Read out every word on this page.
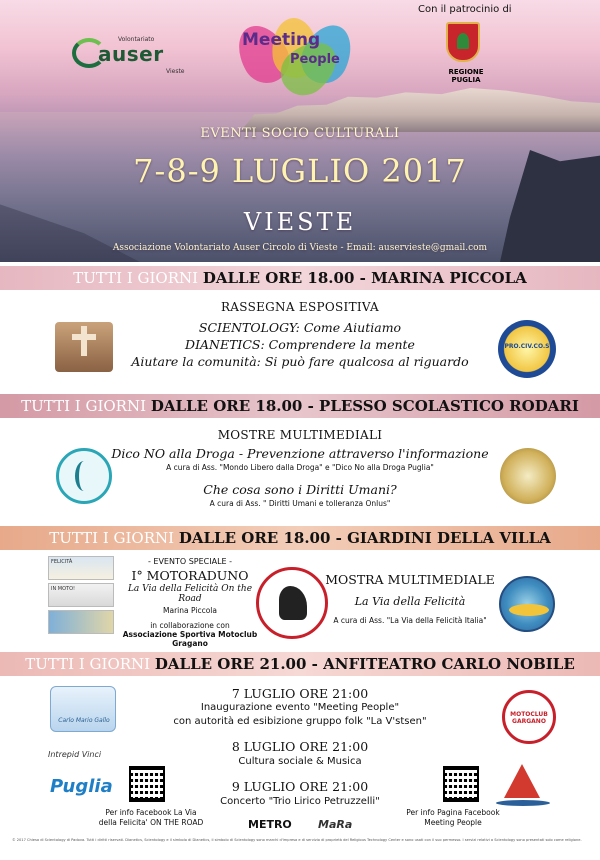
Volontariato
auser
Vieste
Meeting
People
Con il patrocinio di
REGIONE PUGLIA
EVENTI SOCIO CULTURALI
7-8-9 LUGLIO 2017
VIESTE
Associazione Volontariato Auser Circolo di Vieste - Email: auservieste@gmail.com
TUTTI I GIORNI DALLE ORE 18.00 - MARINA PICCOLA
RASSEGNA ESPOSITIVA
SCIENTOLOGY: Come Aiutiamo
DIANETICS: Comprendere la mente
Aiutare la comunità: Si può fare qualcosa al riguardo
PRO.CIV.CO.S
TUTTI I GIORNI DALLE ORE 18.00 - PLESSO SCOLASTICO RODARI
MOSTRE MULTIMEDIALI
Dico NO alla Droga - Prevenzione attraverso l'informazione
A cura di Ass. "Mondo Libero dalla Droga" e "Dico No alla Droga Puglia"
Che cosa sono i Diritti Umani?
A cura di Ass. " Diritti Umani e tolleranza Onlus"
TUTTI I GIORNI DALLE ORE 18.00 - GIARDINI DELLA VILLA
FELICITÀ
IN MOTO!
- EVENTO SPECIALE -
I° MOTORADUNO
La Via della Felicità On the Road
Marina Piccola
in collaborazione con
Associazione Sportiva Motoclub Gragano
MOSTRA MULTIMEDIALE
La Via della Felicità
A cura di Ass. "La Via della Felicità Italia"
TUTTI I GIORNI DALLE ORE 21.00 - ANFITEATRO CARLO NOBILE
7 LUGLIO ORE 21:00
Inaugurazione evento "Meeting People"
con autorità ed esibizione gruppo folk "La V'stsen"
8 LUGLIO ORE 21:00
Cultura sociale & Musica
9 LUGLIO ORE 21:00
Concerto "Trio Lirico Petruzzelli"
Carlo Mario Gallo
MOTOCLUB GARGANO
Intrepid Vinci
Puglia
Per info Facebook La Via della Felicita' ON THE ROAD
Per info Pagina Facebook Meeting People
METRO MaRa
© 2017 Chiesa di Scientology di Padova. Tutti i diritti riservati. Dianetics, Scientology e il simbolo di Dianetics, il simbolo di Scientology sono marchi d'impresa e di servizio di proprietà del Religious Technology Center e sono usati con il suo permesso. I servizi relativi a Scientology sono presentati solo come religione.
